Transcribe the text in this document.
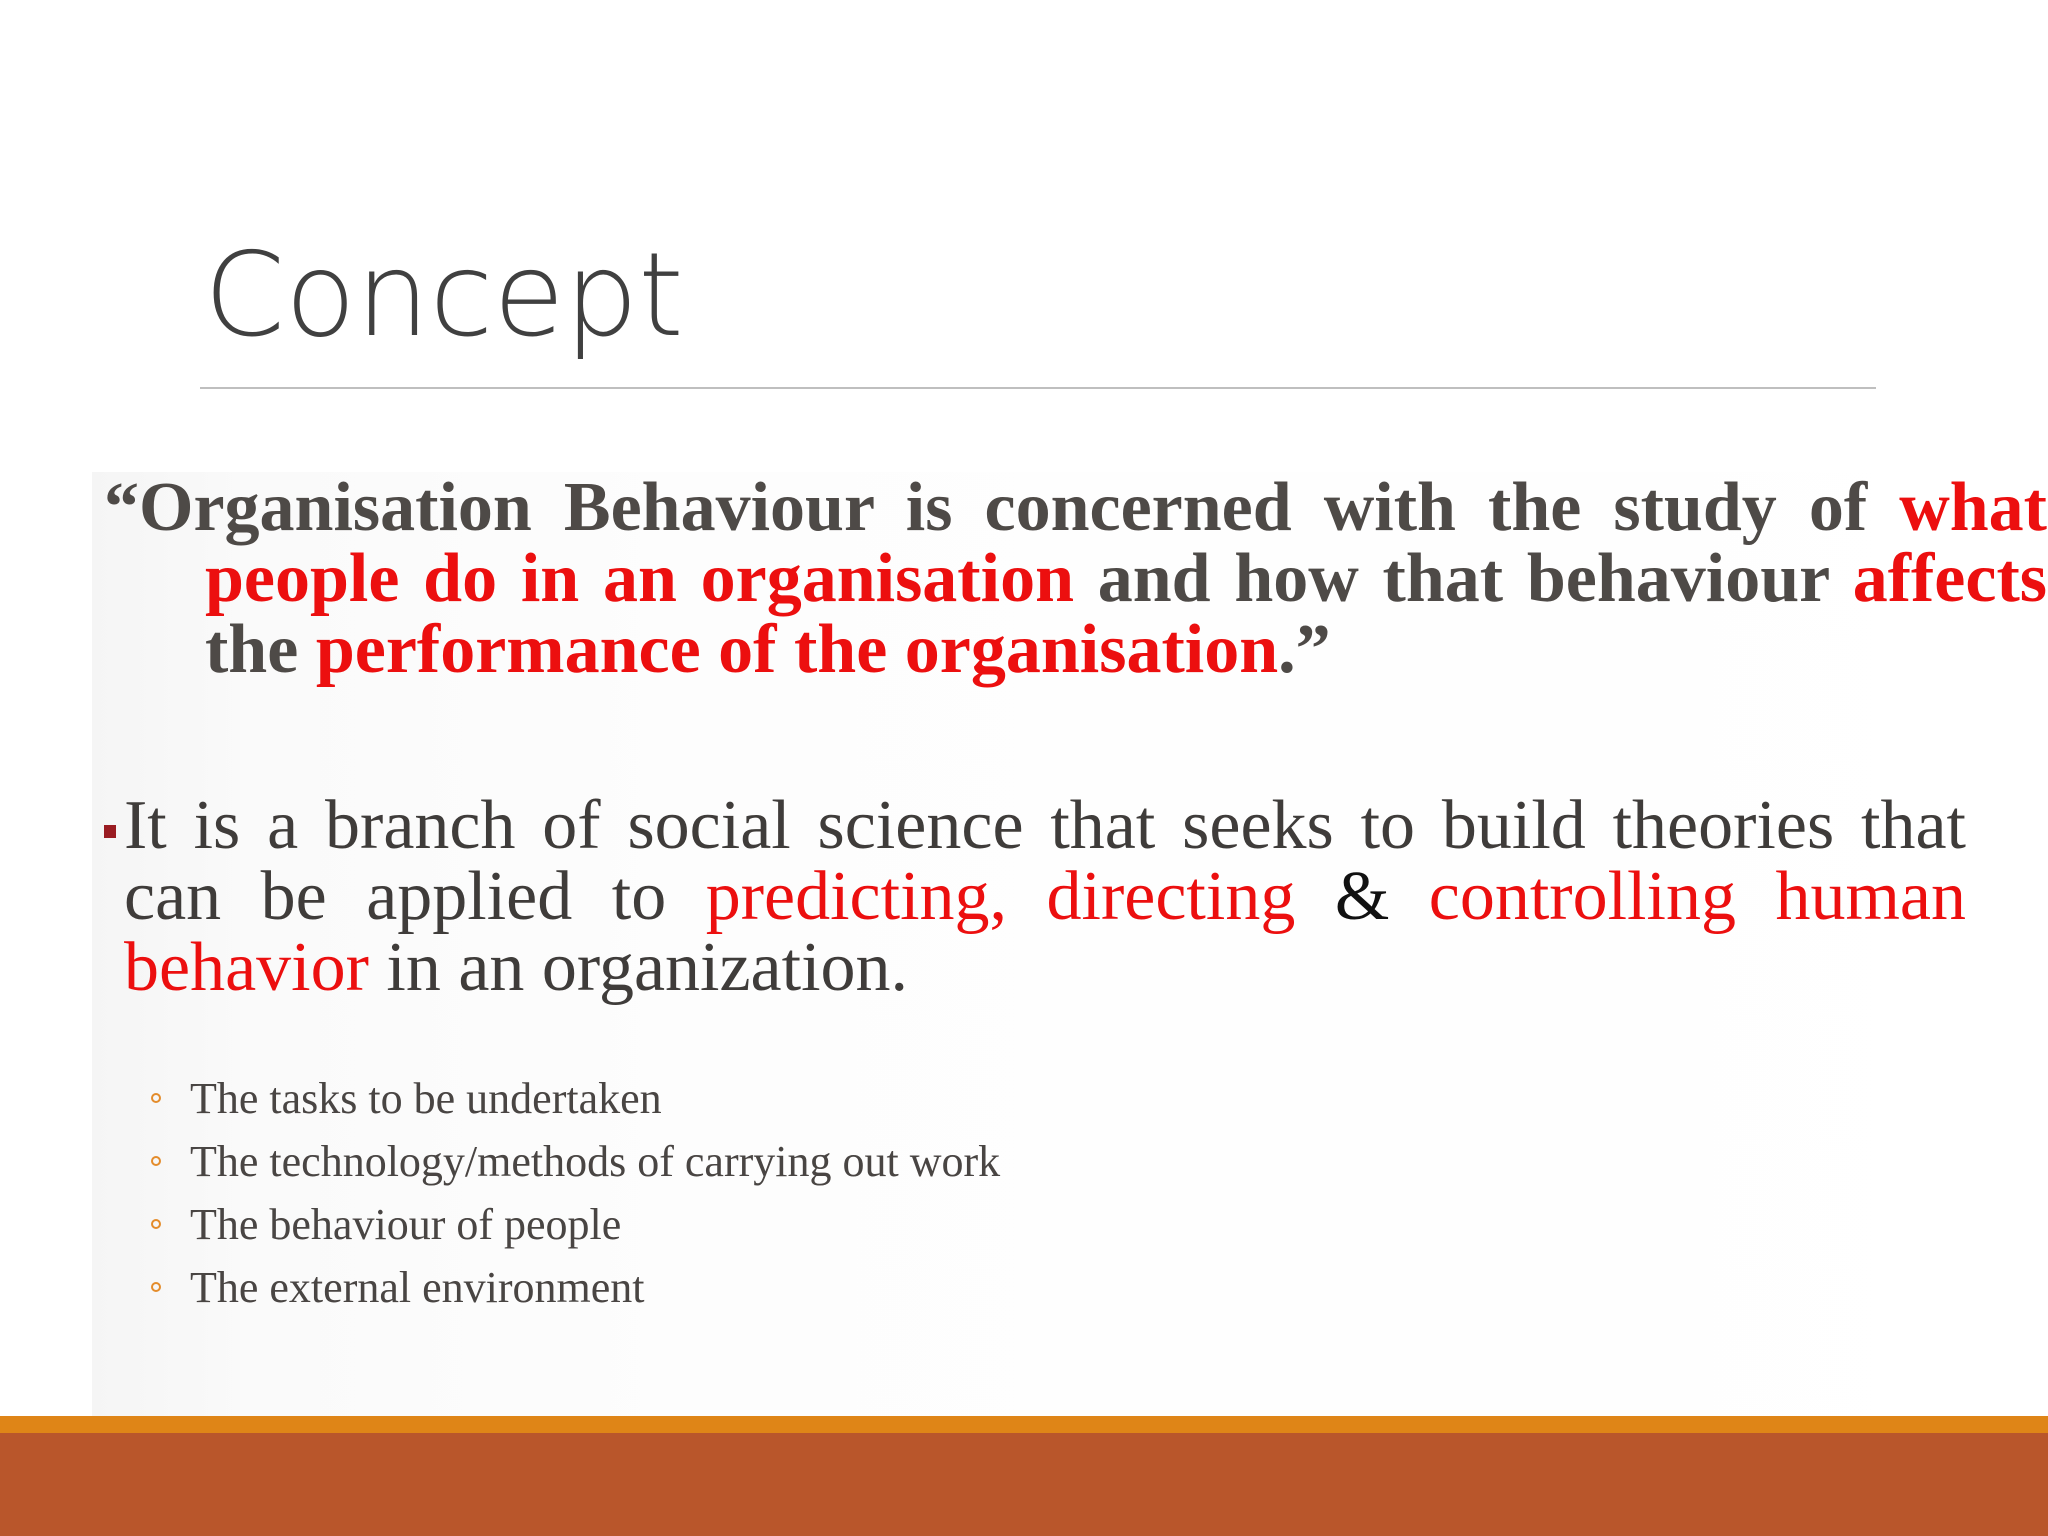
Concept

“Organisation Behaviour is concerned with the study of what people do in an organisation and how that behaviour affects the performance of the organisation.”

It is a branch of social science that seeks to build theories that can be applied to predicting, directing & controlling human behavior in an organization.

The tasks to be undertaken
The technology/methods of carrying out work
The behaviour of people
The external environment
